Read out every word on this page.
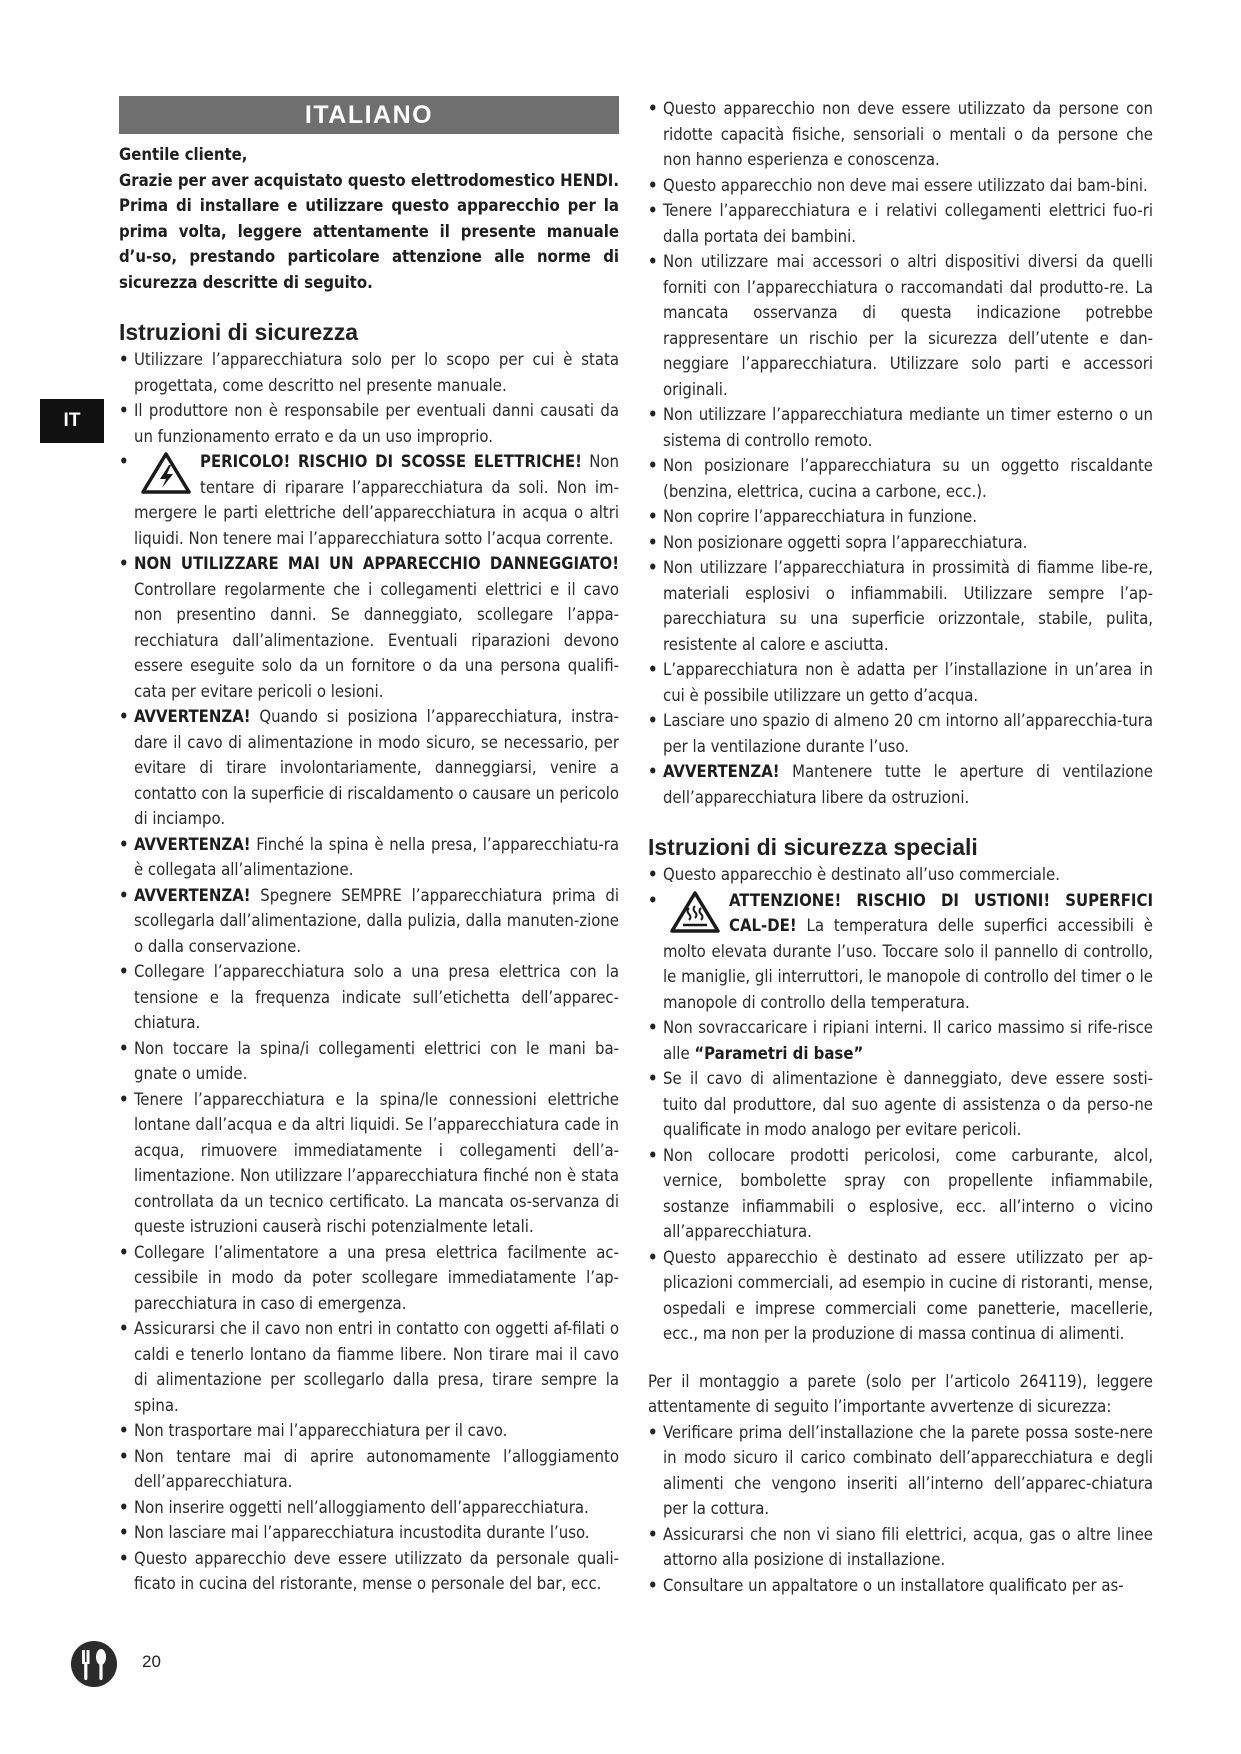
IT
ITALIANO

Gentile cliente,

Grazie per aver acquistato questo elettrodomestico HENDI. Prima di installare e utilizzare questo apparecchio per la prima volta, leggere attentamente il presente manuale d’u-so, prestando particolare attenzione alle norme di sicurezza descritte di seguito.

Istruzioni di sicurezza
• Utilizzare l’apparecchiatura solo per lo scopo per cui è stata progettata, come descritto nel presente manuale.
• Il produttore non è responsabile per eventuali danni causati da un funzionamento errato e da un uso improprio.
• PERICOLO! RISCHIO DI SCOSSE ELETTRICHE! Non tentare di riparare l’apparecchiatura da soli. Non im-mergere le parti elettriche dell’apparecchiatura in acqua o altri liquidi. Non tenere mai l’apparecchiatura sotto l’acqua corrente.
• NON UTILIZZARE MAI UN APPARECCHIO DANNEGGIATO! Controllare regolarmente che i collegamenti elettrici e il cavo non presentino danni. Se danneggiato, scollegare l’appa-recchiatura dall’alimentazione. Eventuali riparazioni devono essere eseguite solo da un fornitore o da una persona qualifi-cata per evitare pericoli o lesioni.
• AVVERTENZA! Quando si posiziona l’apparecchiatura, instra-dare il cavo di alimentazione in modo sicuro, se necessario, per evitare di tirare involontariamente, danneggiarsi, venire a contatto con la superficie di riscaldamento o causare un pericolo di inciampo.
• AVVERTENZA! Finché la spina è nella presa, l’apparecchiatu-ra è collegata all’alimentazione.
• AVVERTENZA! Spegnere SEMPRE l’apparecchiatura prima di scollegarla dall’alimentazione, dalla pulizia, dalla manuten-zione o dalla conservazione.
• Collegare l’apparecchiatura solo a una presa elettrica con la tensione e la frequenza indicate sull’etichetta dell’apparec-chiatura.
• Non toccare la spina/i collegamenti elettrici con le mani ba-gnate o umide.
• Tenere l’apparecchiatura e la spina/le connessioni elettriche lontane dall’acqua e da altri liquidi. Se l’apparecchiatura cade in acqua, rimuovere immediatamente i collegamenti dell’a-limentazione. Non utilizzare l’apparecchiatura finché non è stata controllata da un tecnico certificato. La mancata os-servanza di queste istruzioni causerà rischi potenzialmente letali.
• Collegare l’alimentatore a una presa elettrica facilmente ac-cessibile in modo da poter scollegare immediatamente l’ap-parecchiatura in caso di emergenza.
• Assicurarsi che il cavo non entri in contatto con oggetti af-filati o caldi e tenerlo lontano da fiamme libere. Non tirare mai il cavo di alimentazione per scollegarlo dalla presa, tirare sempre la spina.
• Non trasportare mai l’apparecchiatura per il cavo.
• Non tentare mai di aprire autonomamente l’alloggiamento dell’apparecchiatura.
• Non inserire oggetti nell’alloggiamento dell’apparecchiatura.
• Non lasciare mai l’apparecchiatura incustodita durante l’uso.
• Questo apparecchio deve essere utilizzato da personale quali-ficato in cucina del ristorante, mense o personale del bar, ecc.
• Questo apparecchio non deve essere utilizzato da persone con ridotte capacità fisiche, sensoriali o mentali o da persone che non hanno esperienza e conoscenza.
• Questo apparecchio non deve mai essere utilizzato dai bam-bini.
• Tenere l’apparecchiatura e i relativi collegamenti elettrici fuo-ri dalla portata dei bambini.
• Non utilizzare mai accessori o altri dispositivi diversi da quelli forniti con l’apparecchiatura o raccomandati dal produtto-re. La mancata osservanza di questa indicazione potrebbe rappresentare un rischio per la sicurezza dell’utente e dan-neggiare l’apparecchiatura. Utilizzare solo parti e accessori originali.
• Non utilizzare l’apparecchiatura mediante un timer esterno o un sistema di controllo remoto.
• Non posizionare l’apparecchiatura su un oggetto riscaldante (benzina, elettrica, cucina a carbone, ecc.).
• Non coprire l’apparecchiatura in funzione.
• Non posizionare oggetti sopra l’apparecchiatura.
• Non utilizzare l’apparecchiatura in prossimità di fiamme libe-re, materiali esplosivi o infiammabili. Utilizzare sempre l’ap-parecchiatura su una superficie orizzontale, stabile, pulita, resistente al calore e asciutta.
• L’apparecchiatura non è adatta per l’installazione in un’area in cui è possibile utilizzare un getto d’acqua.
• Lasciare uno spazio di almeno 20 cm intorno all’apparecchia-tura per la ventilazione durante l’uso.
• AVVERTENZA! Mantenere tutte le aperture di ventilazione dell’apparecchiatura libere da ostruzioni.
Istruzioni di sicurezza speciali
• Questo apparecchio è destinato all’uso commerciale.
• ATTENZIONE! RISCHIO DI USTIONI! SUPERFICI CAL-DE! La temperatura delle superfici accessibili è molto elevata durante l’uso. Toccare solo il pannello di controllo, le maniglie, gli interruttori, le manopole di controllo del timer o le manopole di controllo della temperatura.
• Non sovraccaricare i ripiani interni. Il carico massimo si rife-risce alle “Parametri di base”
• Se il cavo di alimentazione è danneggiato, deve essere sosti-tuito dal produttore, dal suo agente di assistenza o da perso-ne qualificate in modo analogo per evitare pericoli.
• Non collocare prodotti pericolosi, come carburante, alcol, vernice, bombolette spray con propellente infiammabile, sostanze infiammabili o esplosive, ecc. all’interno o vicino all’apparecchiatura.
• Questo apparecchio è destinato ad essere utilizzato per ap-plicazioni commerciali, ad esempio in cucine di ristoranti, mense, ospedali e imprese commerciali come panetterie, macellerie, ecc., ma non per la produzione di massa continua di alimenti.

Per il montaggio a parete (solo per l’articolo 264119), leggere attentamente di seguito l’importante avvertenze di sicurezza:

• Verificare prima dell’installazione che la parete possa soste-nere in modo sicuro il carico combinato dell’apparecchiatura e degli alimenti che vengono inseriti all’interno dell’apparec-chiatura per la cottura.
• Assicurarsi che non vi siano fili elettrici, acqua, gas o altre linee attorno alla posizione di installazione.
• Consultare un appaltatore o un installatore qualificato per as-
20
